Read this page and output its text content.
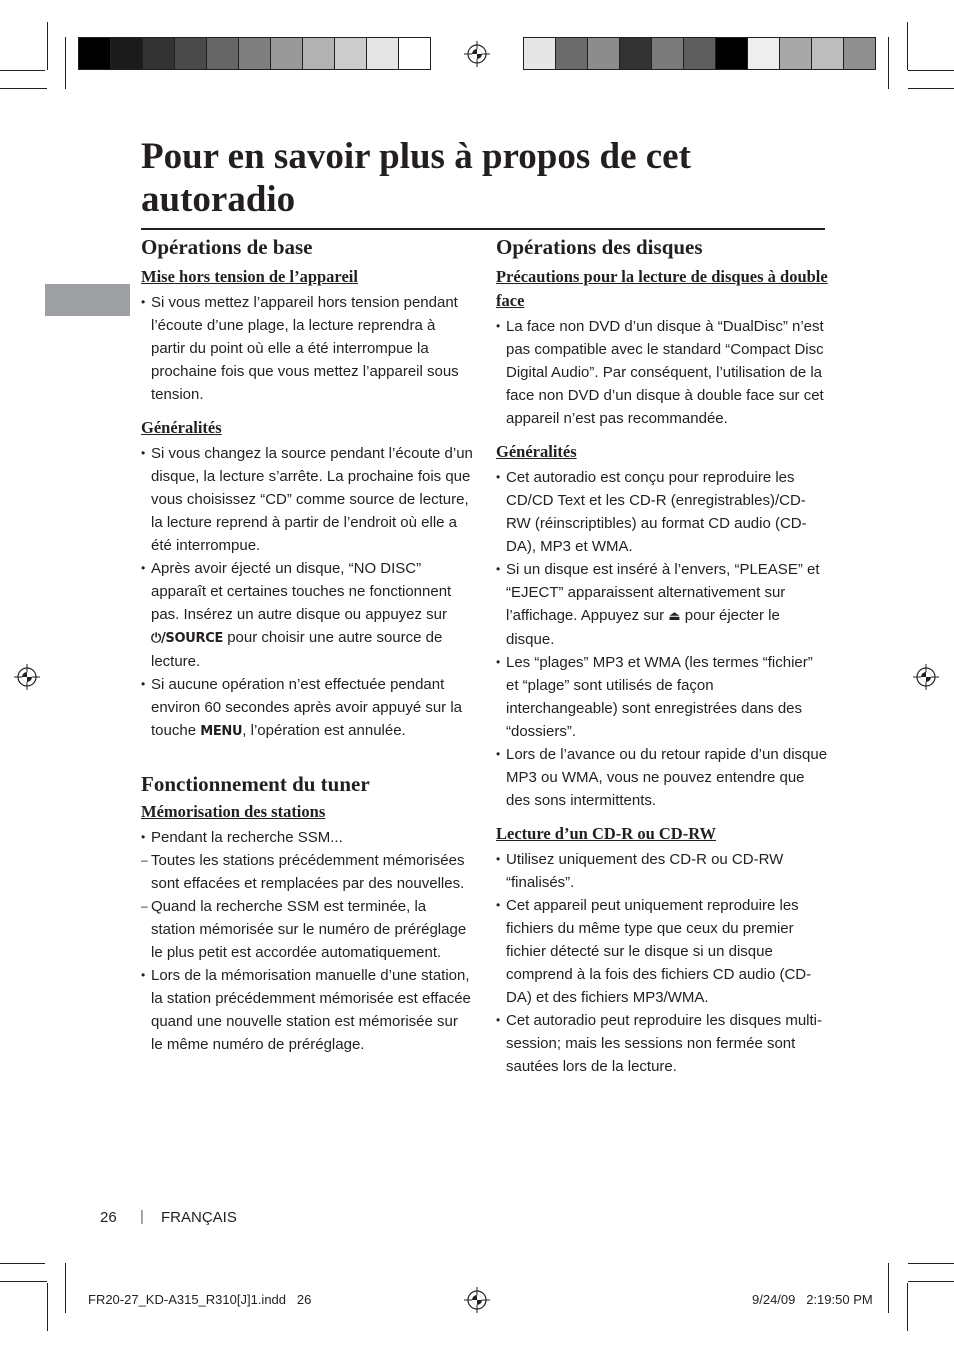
Pour en savoir plus à propos de cet autoradio
Opérations de base
Mise hors tension de l’appareil
• Si vous mettez l’appareil hors tension pendant l’écoute d’une plage, la lecture reprendra à partir du point où elle a été interrompue la prochaine fois que vous mettez l’appareil sous tension.
Généralités
• Si vous changez la source pendant l’écoute d’un disque, la lecture s’arrête. La prochaine fois que vous choisissez “CD” comme source de lecture, la lecture reprend à partir de l’endroit où elle a été interrompue.
• Après avoir éjecté un disque, “NO DISC” apparaît et certaines touches ne fonctionnent pas. Insérez un autre disque ou appuyez sur ⏻/SOURCE pour choisir une autre source de lecture.
• Si aucune opération n’est effectuée pendant environ 60 secondes après avoir appuyé sur la touche MENU, l’opération est annulée.
Fonctionnement du tuner
Mémorisation des stations
• Pendant la recherche SSM...
– Toutes les stations précédemment mémorisées sont effacées et remplacées par des nouvelles.
– Quand la recherche SSM est terminée, la station mémorisée sur le numéro de préréglage le plus petit est accordée automatiquement.
• Lors de la mémorisation manuelle d’une station, la station précédemment mémorisée est effacée quand une nouvelle station est mémorisée sur le même numéro de préréglage.
Opérations des disques
Précautions pour la lecture de disques à double face
• La face non DVD d’un disque à “DualDisc” n’est pas compatible avec le standard “Compact Disc Digital Audio”. Par conséquent, l’utilisation de la face non DVD d’un disque à double face sur cet appareil n’est pas recommandée.
Généralités
• Cet autoradio est conçu pour reproduire les CD/CD Text et les CD-R (enregistrables)/CD-RW (réinscriptibles) au format CD audio (CD-DA), MP3 et WMA.
• Si un disque est inséré à l’envers, “PLEASE” et “EJECT” apparaissent alternativement sur l’affichage. Appuyez sur ⏏ pour éjecter le disque.
• Les “plages” MP3 et WMA (les termes “fichier” et “plage” sont utilisés de façon interchangeable) sont enregistrées dans des “dossiers”.
• Lors de l’avance ou du retour rapide d’un disque MP3 ou WMA, vous ne pouvez entendre que des sons intermittents.
Lecture d’un CD-R ou CD-RW
• Utilisez uniquement des CD-R ou CD-RW “finalisés”.
• Cet appareil peut uniquement reproduire les fichiers du même type que ceux du premier fichier détecté sur le disque si un disque comprend à la fois des fichiers CD audio (CD-DA) et des fichiers MP3/WMA.
• Cet autoradio peut reproduire les disques multi-session; mais les sessions non fermée sont sautées lors de la lecture.
26 | FRANÇAIS
FR20-27_KD-A315_R310[J]1.indd   26	9/24/09   2:19:50 PM
